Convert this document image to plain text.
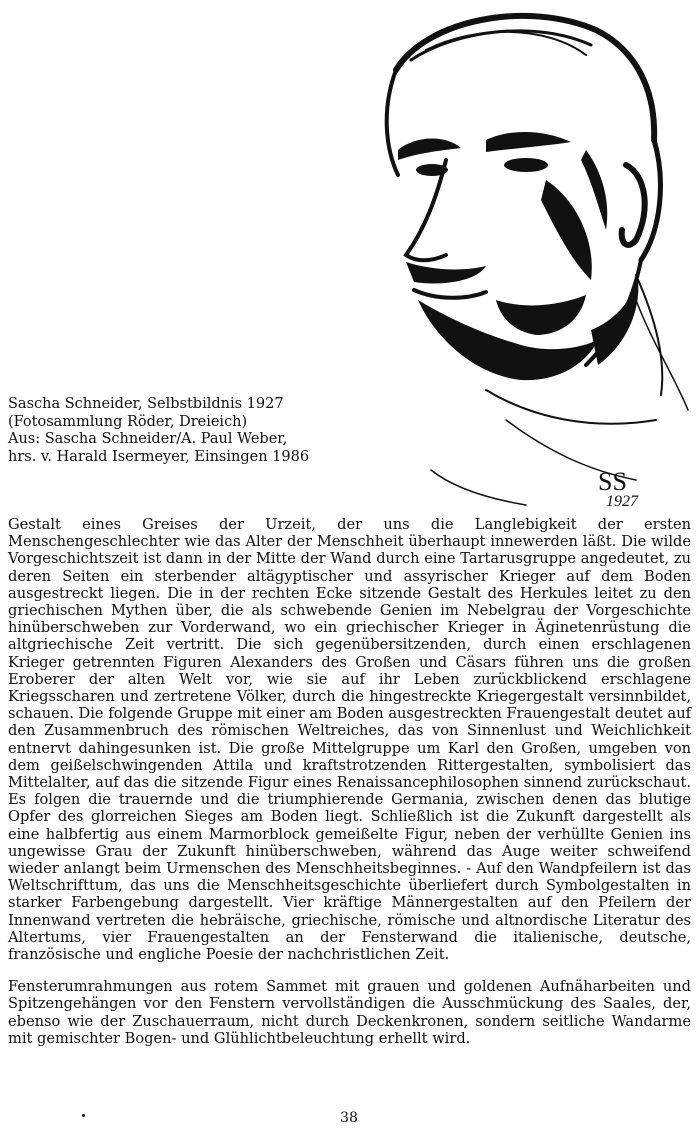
SS
1927
Sascha Schneider, Selbstbildnis 1927
(Fotosammlung Röder, Dreieich)
Aus: Sascha Schneider/A. Paul Weber,
hrs. v. Harald Isermeyer, Einsingen 1986

Gestalt eines Greises der Urzeit, der uns die Langlebigkeit der ersten Menschengeschlechter wie das Alter der Menschheit überhaupt innewerden läßt. Die wilde Vorgeschichtszeit ist dann in der Mitte der Wand durch eine Tartarusgruppe angedeutet, zu deren Seiten ein sterbender altägyptischer und assyrischer Krieger auf dem Boden ausgestreckt liegen. Die in der rechten Ecke sitzende Gestalt des Herkules leitet zu den griechischen Mythen über, die als schwebende Genien im Nebelgrau der Vorgeschichte hinüberschweben zur Vorderwand, wo ein griechischer Krieger in Äginetenrüstung die altgriechische Zeit vertritt. Die sich gegenübersitzenden, durch einen erschlagenen Krieger getrennten Figuren Alexanders des Großen und Cäsars führen uns die großen Eroberer der alten Welt vor, wie sie auf ihr Leben zurückblickend erschlagene Kriegsscharen und zertretene Völker, durch die hingestreckte Kriegergestalt versinnbildet, schauen. Die folgende Gruppe mit einer am Boden ausgestreckten Frauengestalt deutet auf den Zusammenbruch des römischen Weltreiches, das von Sinnenlust und Weichlichkeit entnervt dahingesunken ist. Die große Mittelgruppe um Karl den Großen, umgeben von dem geißelschwingenden Attila und kraftstrotzenden Rittergestalten, symbolisiert das Mittelalter, auf das die sitzende Figur eines Renaissancephilosophen sinnend zurückschaut. Es folgen die trauernde und die triumphierende Germania, zwischen denen das blutige Opfer des glorreichen Sieges am Boden liegt. Schließlich ist die Zukunft dargestellt als eine halbfertig aus einem Marmorblock gemeißelte Figur, neben der verhüllte Genien ins ungewisse Grau der Zukunft hinüberschweben, während das Auge weiter schweifend wieder anlangt beim Urmenschen des Menschheitsbeginnes. - Auf den Wandpfeilern ist das Weltschrifttum, das uns die Menschheitsgeschichte überliefert durch Symbolgestalten in starker Farbengebung dargestellt. Vier kräftige Männergestalten auf den Pfeilern der Innenwand vertreten die hebräische, griechische, römische und altnordische Literatur des Altertums, vier Frauengestalten an der Fensterwand die italienische, deutsche, französische und engliche Poesie der nachchristlichen Zeit.

Fensterumrahmungen aus rotem Sammet mit grauen und goldenen Aufnäharbeiten und Spitzengehängen vor den Fenstern vervollständigen die Ausschmückung des Saales, der, ebenso wie der Zuschauerraum, nicht durch Deckenkronen, sondern seitliche Wandarme mit gemischter Bogen- und Glühlichtbeleuchtung erhellt wird.

38
